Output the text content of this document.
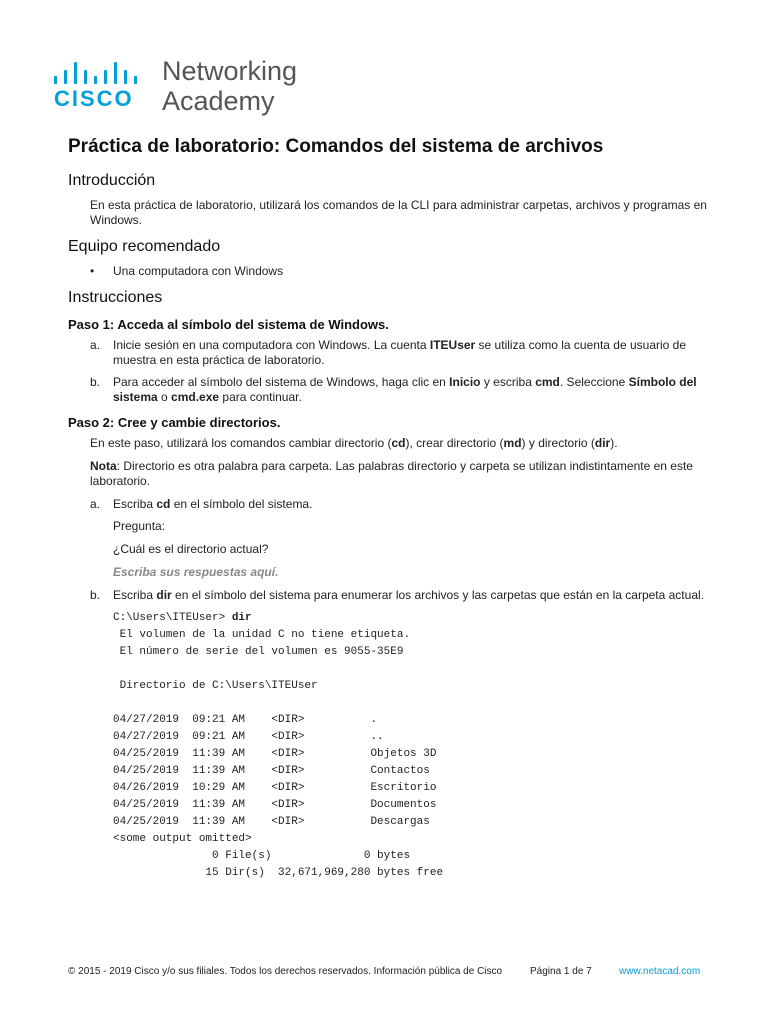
CISCO
Networking
Academy
Práctica de laboratorio: Comandos del sistema de archivos
Introducción

En esta práctica de laboratorio, utilizará los comandos de la CLI para administrar carpetas, archivos y programas en Windows.

Equipo recomendado
• Una computadora con Windows
Instrucciones
Paso 1: Acceda al símbolo del sistema de Windows.
a. Inicie sesión en una computadora con Windows. La cuenta ITEUser se utiliza como la cuenta de usuario de muestra en esta práctica de laboratorio.
b. Para acceder al símbolo del sistema de Windows, haga clic en Inicio y escriba cmd. Seleccione Símbolo del sistema o cmd.exe para continuar.
Paso 2: Cree y cambie directorios.

En este paso, utilizará los comandos cambiar directorio (cd), crear directorio (md) y directorio (dir).

Nota: Directorio es otra palabra para carpeta. Las palabras directorio y carpeta se utilizan indistintamente en este laboratorio.

a. Escriba cd en el símbolo del sistema.

Pregunta:

¿Cuál es el directorio actual?

Escriba sus respuestas aquí.

b. Escriba dir en el símbolo del sistema para enumerar los archivos y las carpetas que están en la carpeta actual.
C:\Users\ITEUser> dir
El volumen de la unidad C no tiene etiqueta.
El número de serie del volumen es 9055-35E9

Directorio de C:\Users\ITEUser

04/27/2019  09:21 AM    <DIR>          .
04/27/2019  09:21 AM    <DIR>          ..
04/25/2019  11:39 AM    <DIR>          Objetos 3D
04/25/2019  11:39 AM    <DIR>          Contactos
04/26/2019  10:29 AM    <DIR>          Escritorio
04/25/2019  11:39 AM    <DIR>          Documentos
04/25/2019  11:39 AM    <DIR>          Descargas
<some output omitted>
0 File(s)              0 bytes
15 Dir(s)  32,671,969,280 bytes free
© 2015 - 2019 Cisco y/o sus filiales. Todos los derechos reservados. Información pública de Cisco	Página 1 de 7	www.netacad.com
